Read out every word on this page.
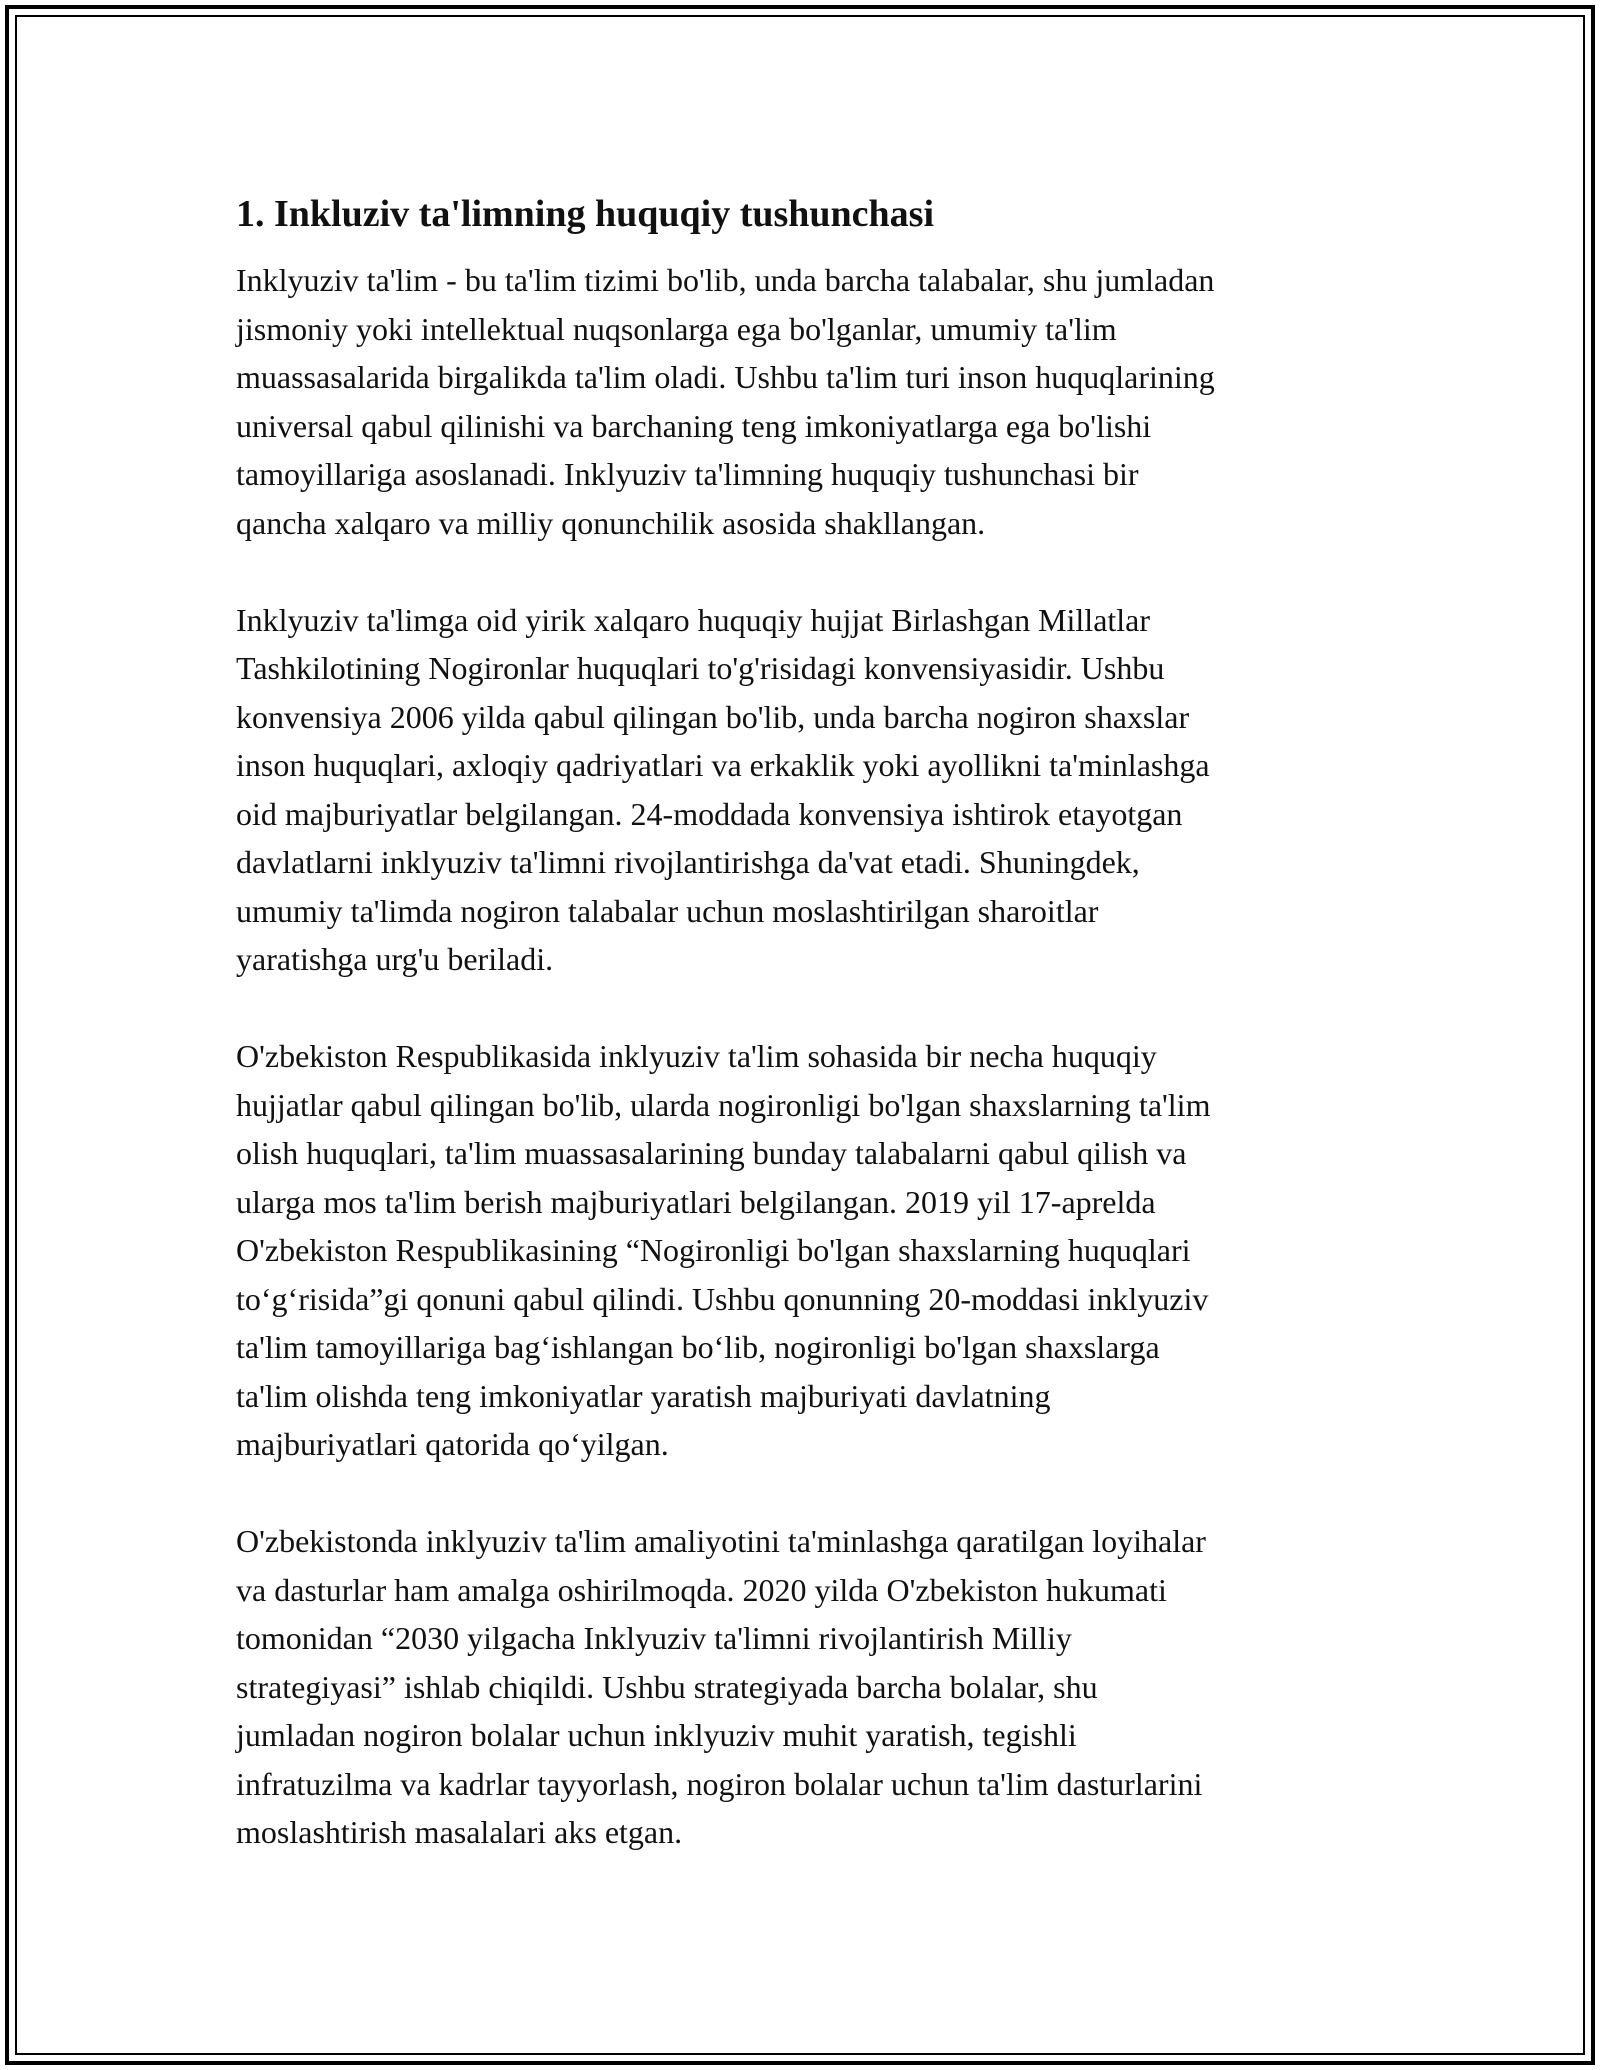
1. Inkluziv ta'limning huquqiy tushunchasi

Inklyuziv ta'lim - bu ta'lim tizimi bo'lib, unda barcha talabalar, shu jumladan
jismoniy yoki intellektual nuqsonlarga ega bo'lganlar, umumiy ta'lim
muassasalarida birgalikda ta'lim oladi. Ushbu ta'lim turi inson huquqlarining
universal qabul qilinishi va barchaning teng imkoniyatlarga ega bo'lishi
tamoyillariga asoslanadi. Inklyuziv ta'limning huquqiy tushunchasi bir
qancha xalqaro va milliy qonunchilik asosida shakllangan.

Inklyuziv ta'limga oid yirik xalqaro huquqiy hujjat Birlashgan Millatlar
Tashkilotining Nogironlar huquqlari to'g'risidagi konvensiyasidir. Ushbu
konvensiya 2006 yilda qabul qilingan bo'lib, unda barcha nogiron shaxslar
inson huquqlari, axloqiy qadriyatlari va erkaklik yoki ayollikni ta'minlashga
oid majburiyatlar belgilangan. 24-moddada konvensiya ishtirok etayotgan
davlatlarni inklyuziv ta'limni rivojlantirishga da'vat etadi. Shuningdek,
umumiy ta'limda nogiron talabalar uchun moslashtirilgan sharoitlar
yaratishga urg'u beriladi.

O'zbekiston Respublikasida inklyuziv ta'lim sohasida bir necha huquqiy
hujjatlar qabul qilingan bo'lib, ularda nogironligi bo'lgan shaxslarning ta'lim
olish huquqlari, ta'lim muassasalarining bunday talabalarni qabul qilish va
ularga mos ta'lim berish majburiyatlari belgilangan. 2019 yil 17-aprelda
O'zbekiston Respublikasining “Nogironligi bo'lgan shaxslarning huquqlari
to‘g‘risida”gi qonuni qabul qilindi. Ushbu qonunning 20-moddasi inklyuziv
ta'lim tamoyillariga bag‘ishlangan bo‘lib, nogironligi bo'lgan shaxslarga
ta'lim olishda teng imkoniyatlar yaratish majburiyati davlatning
majburiyatlari qatorida qo‘yilgan.

O'zbekistonda inklyuziv ta'lim amaliyotini ta'minlashga qaratilgan loyihalar
va dasturlar ham amalga oshirilmoqda. 2020 yilda O'zbekiston hukumati
tomonidan “2030 yilgacha Inklyuziv ta'limni rivojlantirish Milliy
strategiyasi” ishlab chiqildi. Ushbu strategiyada barcha bolalar, shu
jumladan nogiron bolalar uchun inklyuziv muhit yaratish, tegishli
infratuzilma va kadrlar tayyorlash, nogiron bolalar uchun ta'lim dasturlarini
moslashtirish masalalari aks etgan.
